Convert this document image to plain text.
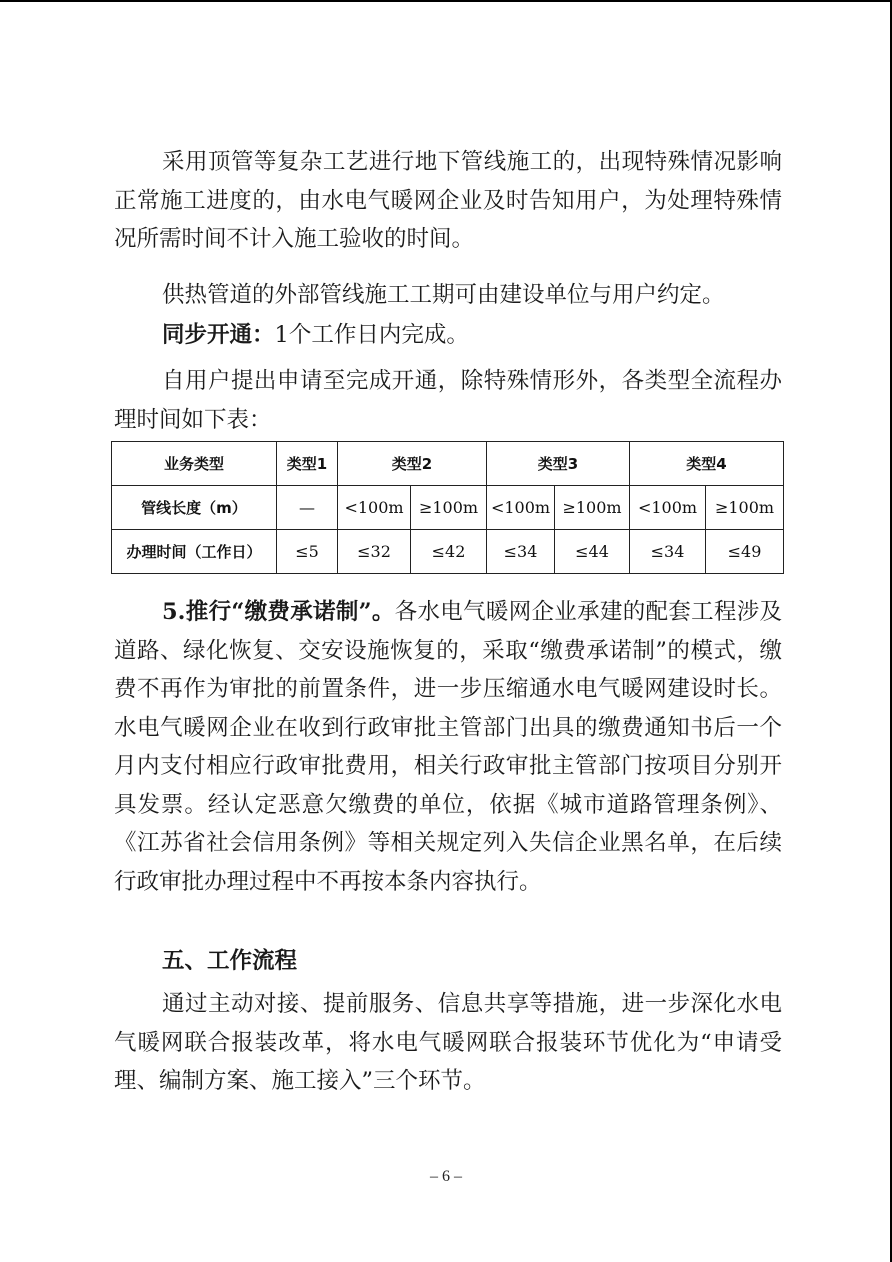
采用顶管等复杂工艺进行地下管线施工的，出现特殊情况影响正常施工进度的，由水电气暖网企业及时告知用户，为处理特殊情况所需时间不计入施工验收的时间。

供热管道的外部管线施工工期可由建设单位与用户约定。

同步开通：1个工作日内完成。

自用户提出申请至完成开通，除特殊情形外，各类型全流程办理时间如下表：

业务类型	类型1	类型2		类型3		类型4	
管线长度（m）	—	<100m	≥100m	<100m	≥100m	<100m	≥100m
办理时间（工作日）	≤5	≤32	≤42	≤34	≤44	≤34	≤49

5.推行“缴费承诺制”。各水电气暖网企业承建的配套工程涉及道路、绿化恢复、交安设施恢复的，采取“缴费承诺制”的模式，缴费不再作为审批的前置条件，进一步压缩通水电气暖网建设时长。水电气暖网企业在收到行政审批主管部门出具的缴费通知书后一个月内支付相应行政审批费用，相关行政审批主管部门按项目分别开具发票。经认定恶意欠缴费的单位，依据《城市道路管理条例》、《江苏省社会信用条例》等相关规定列入失信企业黑名单，在后续行政审批办理过程中不再按本条内容执行。

五、工作流程

通过主动对接、提前服务、信息共享等措施，进一步深化水电气暖网联合报装改革，将水电气暖网联合报装环节优化为“申请受理、编制方案、施工接入”三个环节。

– 6 –
